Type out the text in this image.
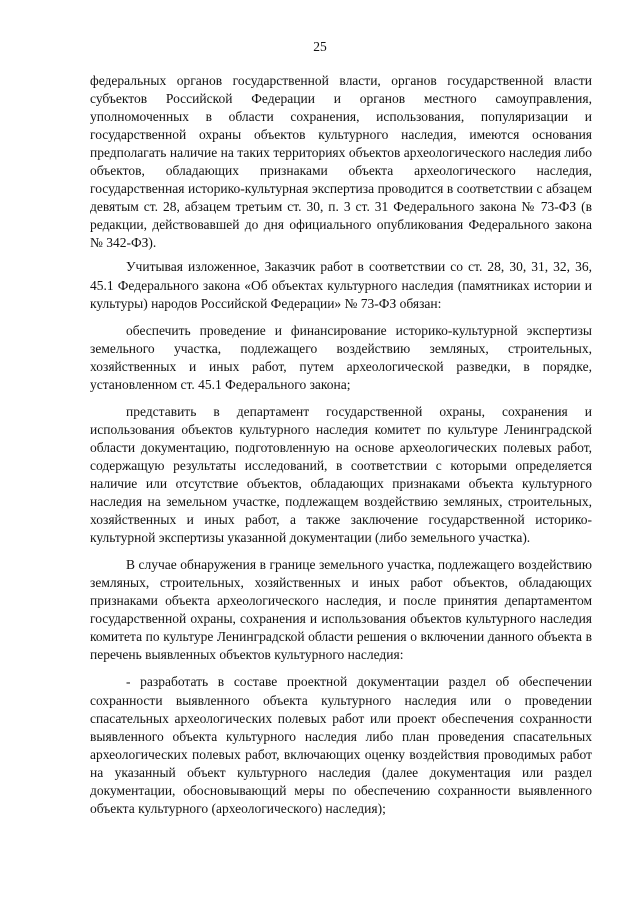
25

федеральных органов государственной власти, органов государственной власти субъектов Российской Федерации и органов местного самоуправления, уполномоченных в области сохранения, использования, популяризации и государственной охраны объектов культурного наследия, имеются основания предполагать наличие на таких территориях объектов археологического наследия либо объектов, обладающих признаками объекта археологического наследия, государственная историко-культурная экспертиза проводится в соответствии с абзацем девятым ст. 28, абзацем третьим ст. 30, п. 3 ст. 31 Федерального закона № 73-ФЗ (в редакции, действовавшей до дня официального опубликования Федерального закона № 342-ФЗ).

Учитывая изложенное, Заказчик работ в соответствии со ст. 28, 30, 31, 32, 36, 45.1 Федерального закона «Об объектах культурного наследия (памятниках истории и культуры) народов Российской Федерации» № 73-ФЗ обязан:

обеспечить проведение и финансирование историко-культурной экспертизы земельного участка, подлежащего воздействию земляных, строительных, хозяйственных и иных работ, путем археологической разведки, в порядке, установленном ст. 45.1 Федерального закона;

представить в департамент государственной охраны, сохранения и использования объектов культурного наследия комитет по культуре Ленинградской области документацию, подготовленную на основе археологических полевых работ, содержащую результаты исследований, в соответствии с которыми определяется наличие или отсутствие объектов, обладающих признаками объекта культурного наследия на земельном участке, подлежащем воздействию земляных, строительных, хозяйственных и иных работ, а также заключение государственной историко-культурной экспертизы указанной документации (либо земельного участка).

В случае обнаружения в границе земельного участка, подлежащего воздействию земляных, строительных, хозяйственных и иных работ объектов, обладающих признаками объекта археологического наследия, и после принятия департаментом государственной охраны, сохранения и использования объектов культурного наследия комитета по культуре Ленинградской области решения о включении данного объекта в перечень выявленных объектов культурного наследия:

- разработать в составе проектной документации раздел об обеспечении сохранности выявленного объекта культурного наследия или о проведении спасательных археологических полевых работ или проект обеспечения сохранности выявленного объекта культурного наследия либо план проведения спасательных археологических полевых работ, включающих оценку воздействия проводимых работ на указанный объект культурного наследия (далее документация или раздел документации, обосновывающий меры по обеспечению сохранности выявленного объекта культурного (археологического) наследия);
